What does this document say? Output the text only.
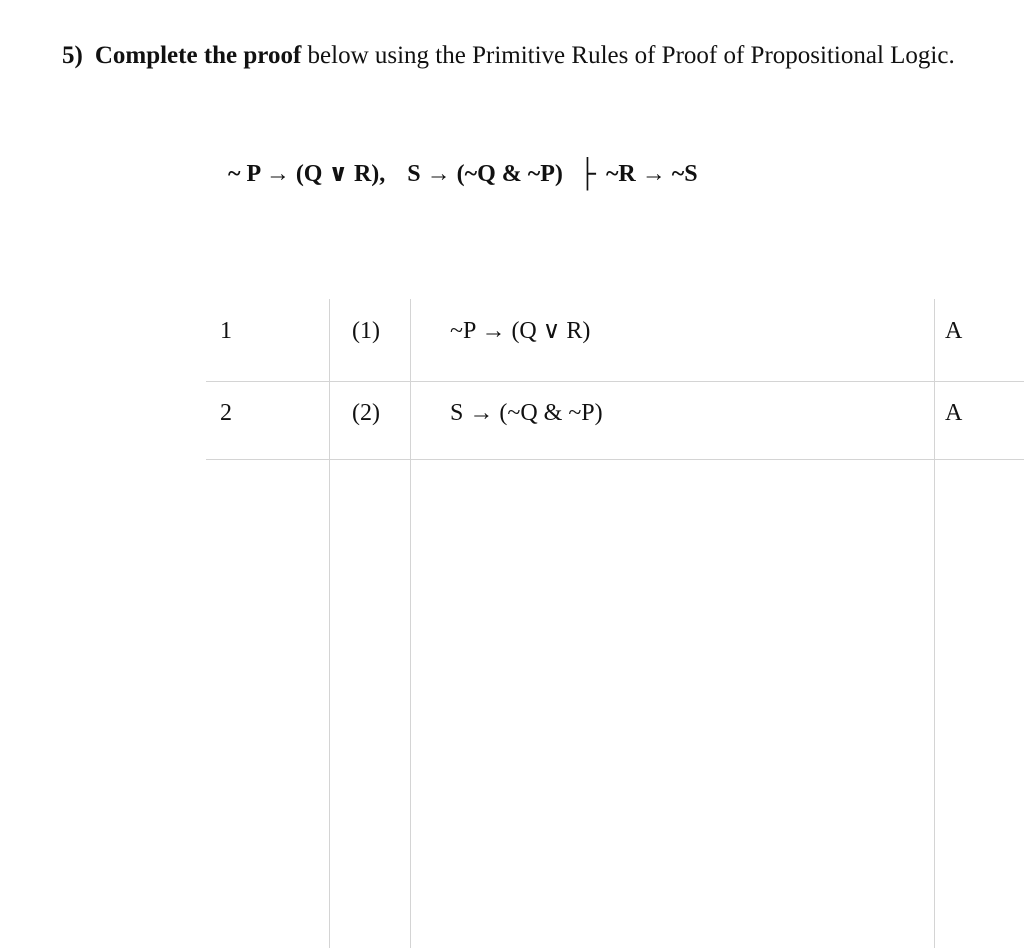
5) Complete the proof below using the Primitive Rules of Proof of Propositional Logic.
~ P → (Q ∨ R), S → (~Q & ~P) ├ ~R → ~S
1	(1)	~P → (Q ∨ R)	A
2	(2)	S → (~Q & ~P)	A
